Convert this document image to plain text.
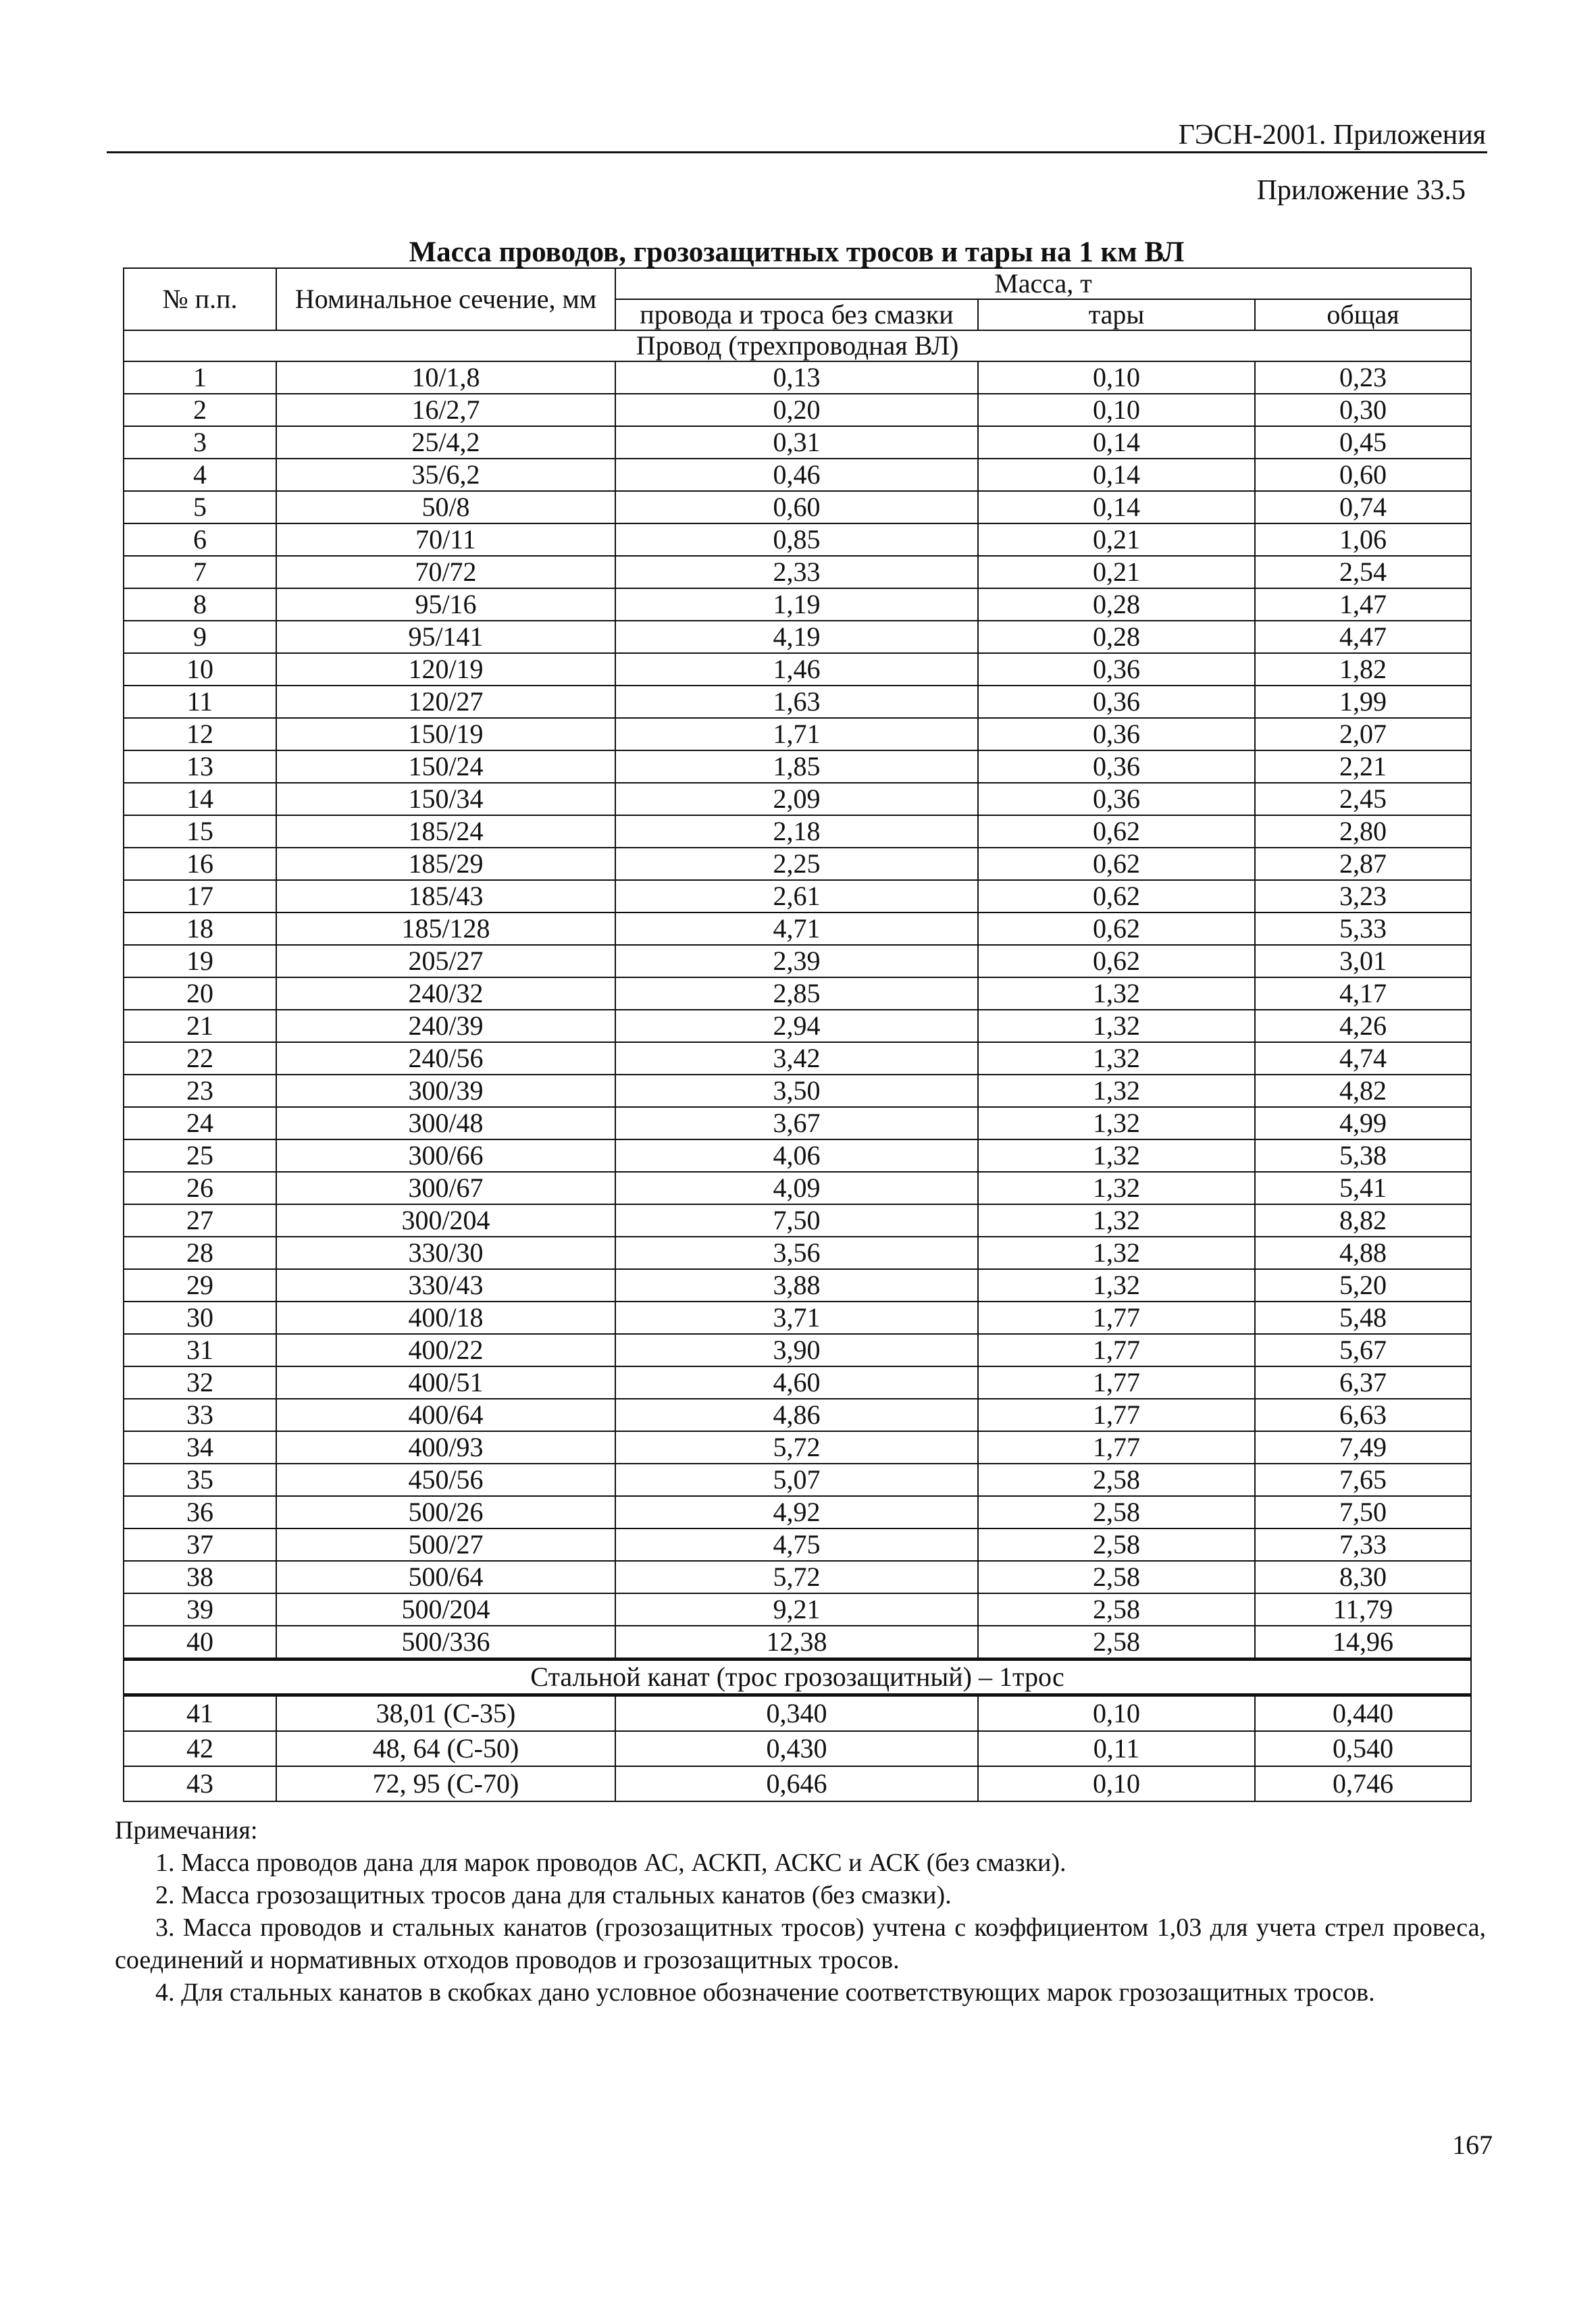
ГЭСН-2001. Приложения
Приложение 33.5
Масса проводов, грозозащитных тросов и тары на 1 км ВЛ
№ п.п.	Номинальное сечение, мм	Масса, т		
		провода и троса без смазки	тары	общая
Провод (трехпроводная ВЛ)				
1	10/1,8	0,13	0,10	0,23
2	16/2,7	0,20	0,10	0,30
3	25/4,2	0,31	0,14	0,45
4	35/6,2	0,46	0,14	0,60
5	50/8	0,60	0,14	0,74
6	70/11	0,85	0,21	1,06
7	70/72	2,33	0,21	2,54
8	95/16	1,19	0,28	1,47
9	95/141	4,19	0,28	4,47
10	120/19	1,46	0,36	1,82
11	120/27	1,63	0,36	1,99
12	150/19	1,71	0,36	2,07
13	150/24	1,85	0,36	2,21
14	150/34	2,09	0,36	2,45
15	185/24	2,18	0,62	2,80
16	185/29	2,25	0,62	2,87
17	185/43	2,61	0,62	3,23
18	185/128	4,71	0,62	5,33
19	205/27	2,39	0,62	3,01
20	240/32	2,85	1,32	4,17
21	240/39	2,94	1,32	4,26
22	240/56	3,42	1,32	4,74
23	300/39	3,50	1,32	4,82
24	300/48	3,67	1,32	4,99
25	300/66	4,06	1,32	5,38
26	300/67	4,09	1,32	5,41
27	300/204	7,50	1,32	8,82
28	330/30	3,56	1,32	4,88
29	330/43	3,88	1,32	5,20
30	400/18	3,71	1,77	5,48
31	400/22	3,90	1,77	5,67
32	400/51	4,60	1,77	6,37
33	400/64	4,86	1,77	6,63
34	400/93	5,72	1,77	7,49
35	450/56	5,07	2,58	7,65
36	500/26	4,92	2,58	7,50
37	500/27	4,75	2,58	7,33
38	500/64	5,72	2,58	8,30
39	500/204	9,21	2,58	11,79
40	500/336	12,38	2,58	14,96
Стальной канат (трос грозозащитный) – 1трос				
41	38,01 (С-35)	0,340	0,10	0,440
42	48, 64 (С-50)	0,430	0,11	0,540
43	72, 95 (С-70)	0,646	0,10	0,746

Примечания:

1. Масса проводов дана для марок проводов АС, АСКП, АСКС и АСК (без смазки).

2. Масса грозозащитных тросов дана для стальных канатов (без смазки).

3. Масса проводов и стальных канатов (грозозащитных тросов) учтена с коэффициентом 1,03 для учета стрел провеса, соединений и нормативных отходов проводов и грозозащитных тросов.

4. Для стальных канатов в скобках дано условное обозначение соответствующих марок грозозащитных тросов.

167
